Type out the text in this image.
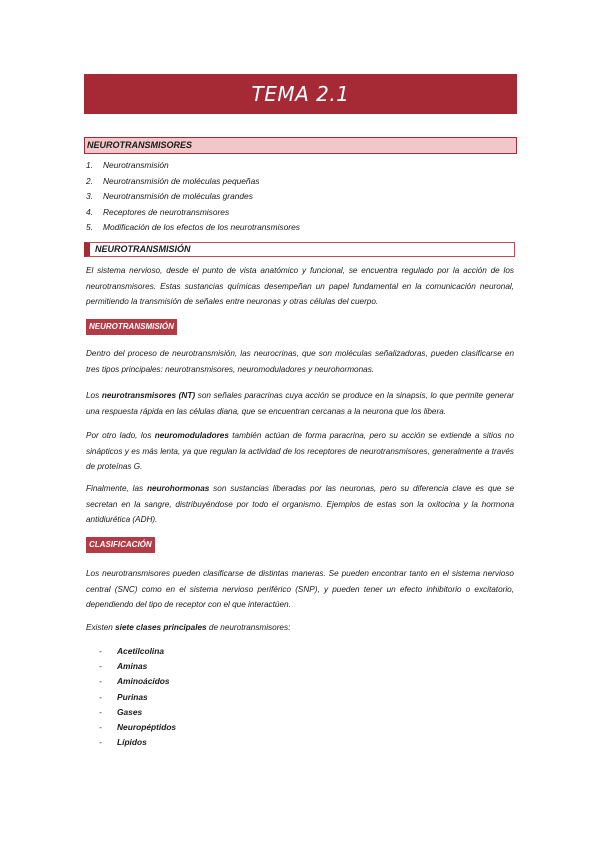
TEMA 2.1
NEUROTRANSMISORES
1.	Neurotransmisión
2.	Neurotransmisión de moléculas pequeñas
3.	Neurotransmisión de moléculas grandes
4.	Receptores de neurotransmisores
5.	Modificación de los efectos de los neurotransmisores
NEUROTRANSMISIÓN

El sistema nervioso, desde el punto de vista anatómico y funcional, se encuentra regulado por la acción de los neurotransmisores. Estas sustancias químicas desempeñan un papel fundamental en la comunicación neuronal, permitiendo la transmisión de señales entre neuronas y otras células del cuerpo.

NEUROTRANSMISIÓN

Dentro del proceso de neurotransmisión, las neurocrinas, que son moléculas señalizadoras, pueden clasificarse en tres tipos principales: neurotransmisores, neuromoduladores y neurohormonas.

Los neurotransmisores (NT) son señales paracrinas cuya acción se produce en la sinapsis, lo que permite generar una respuesta rápida en las células diana, que se encuentran cercanas a la neurona que los libera.

Por otro lado, los neuromoduladores también actúan de forma paracrina, pero su acción se extiende a sitios no sinápticos y es más lenta, ya que regulan la actividad de los receptores de neurotransmisores, generalmente a través de proteínas G.

Finalmente, las neurohormonas son sustancias liberadas por las neuronas, pero su diferencia clave es que se secretan en la sangre, distribuyéndose por todo el organismo. Ejemplos de estas son la oxitocina y la hormona antidiurética (ADH).

CLASIFICACIÓN

Los neurotransmisores pueden clasificarse de distintas maneras. Se pueden encontrar tanto en el sistema nervioso central (SNC) como en el sistema nervioso periférico (SNP), y pueden tener un efecto inhibitorio o excitatorio, dependiendo del tipo de receptor con el que interactúen.

Existen siete clases principales de neurotransmisores:

-	Acetilcolina
-	Aminas
-	Aminoácidos
-	Purinas
-	Gases
-	Neuropéptidos
-	Lípidos
